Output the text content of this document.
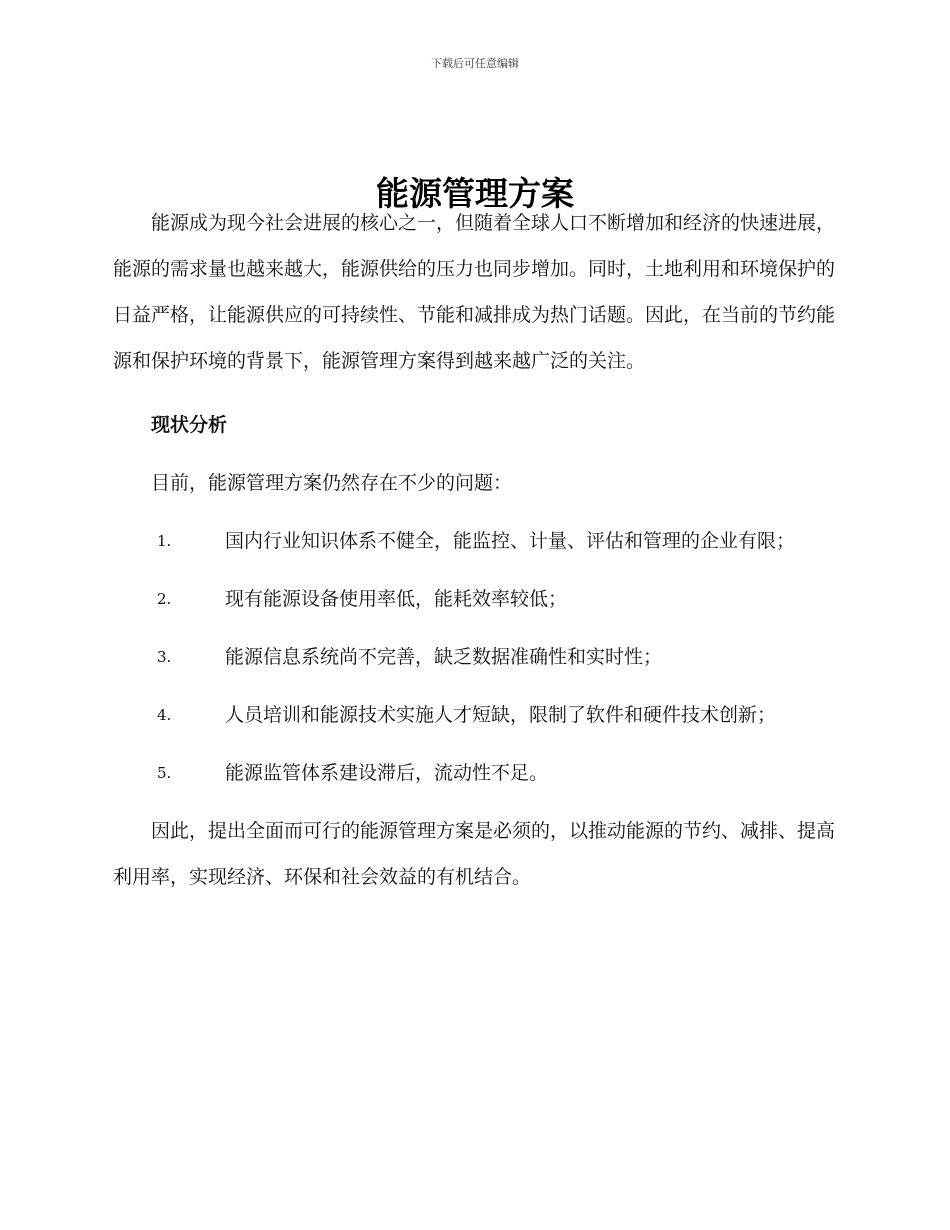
下载后可任意编辑
能源管理方案

能源成为现今社会进展的核心之一，但随着全球人口不断增加和经济的快速进展，能源的需求量也越来越大，能源供给的压力也同步增加。同时，土地利用和环境保护的日益严格，让能源供应的可持续性、节能和减排成为热门话题。因此，在当前的节约能源和保护环境的背景下，能源管理方案得到越来越广泛的关注。

现状分析

目前，能源管理方案仍然存在不少的问题：

1.	国内行业知识体系不健全，能监控、计量、评估和管理的企业有限；
2.	现有能源设备使用率低，能耗效率较低；
3.	能源信息系统尚不完善，缺乏数据准确性和实时性；
4.	人员培训和能源技术实施人才短缺，限制了软件和硬件技术创新；
5.	能源监管体系建设滞后，流动性不足。

因此，提出全面而可行的能源管理方案是必须的，以推动能源的节约、减排、提高利用率，实现经济、环保和社会效益的有机结合。
